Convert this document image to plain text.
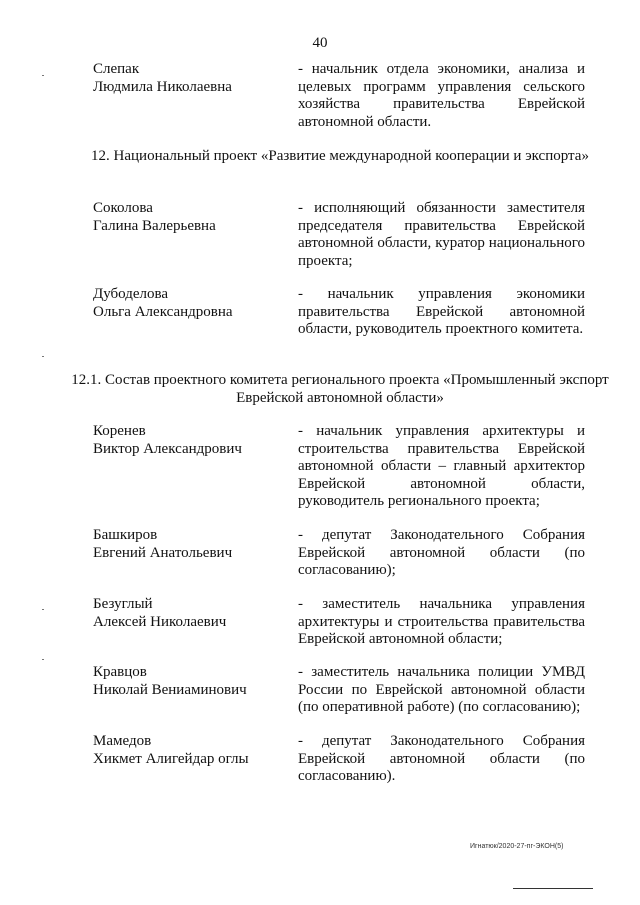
40
Слепак
Людмила Николаевна
- начальник отдела экономики, анализа и целевых программ управления сельского хозяйства правительства Еврейской автономной области.
12. Национальный проект «Развитие международной кооперации и экспорта»
Соколова
Галина Валерьевна
- исполняющий обязанности заместителя председателя правительства Еврейской автономной области, куратор национального проекта;
Дубоделова
Ольга Александровна
- начальник управления экономики правительства Еврейской автономной области, руководитель проектного комитета.
12.1. Состав проектного комитета регионального проекта «Промышленный экспорт Еврейской автономной области»
Коренев
Виктор Александрович
- начальник управления архитектуры и строительства правительства Еврейской автономной области – главный архитектор Еврейской автономной области, руководитель регионального проекта;
Башкиров
Евгений Анатольевич
- депутат Законодательного Собрания Еврейской автономной области (по согласованию);
Безуглый
Алексей Николаевич
- заместитель начальника управления архитектуры и строительства правительства Еврейской автономной области;
Кравцов
Николай Вениаминович
- заместитель начальника полиции УМВД России по Еврейской автономной области (по оперативной работе) (по согласованию);
Мамедов
Хикмет Алигейдар оглы
- депутат Законодательного Собрания Еврейской автономной области (по согласованию).
Игнатюк/2020-27-пг-ЭКОН(5)
